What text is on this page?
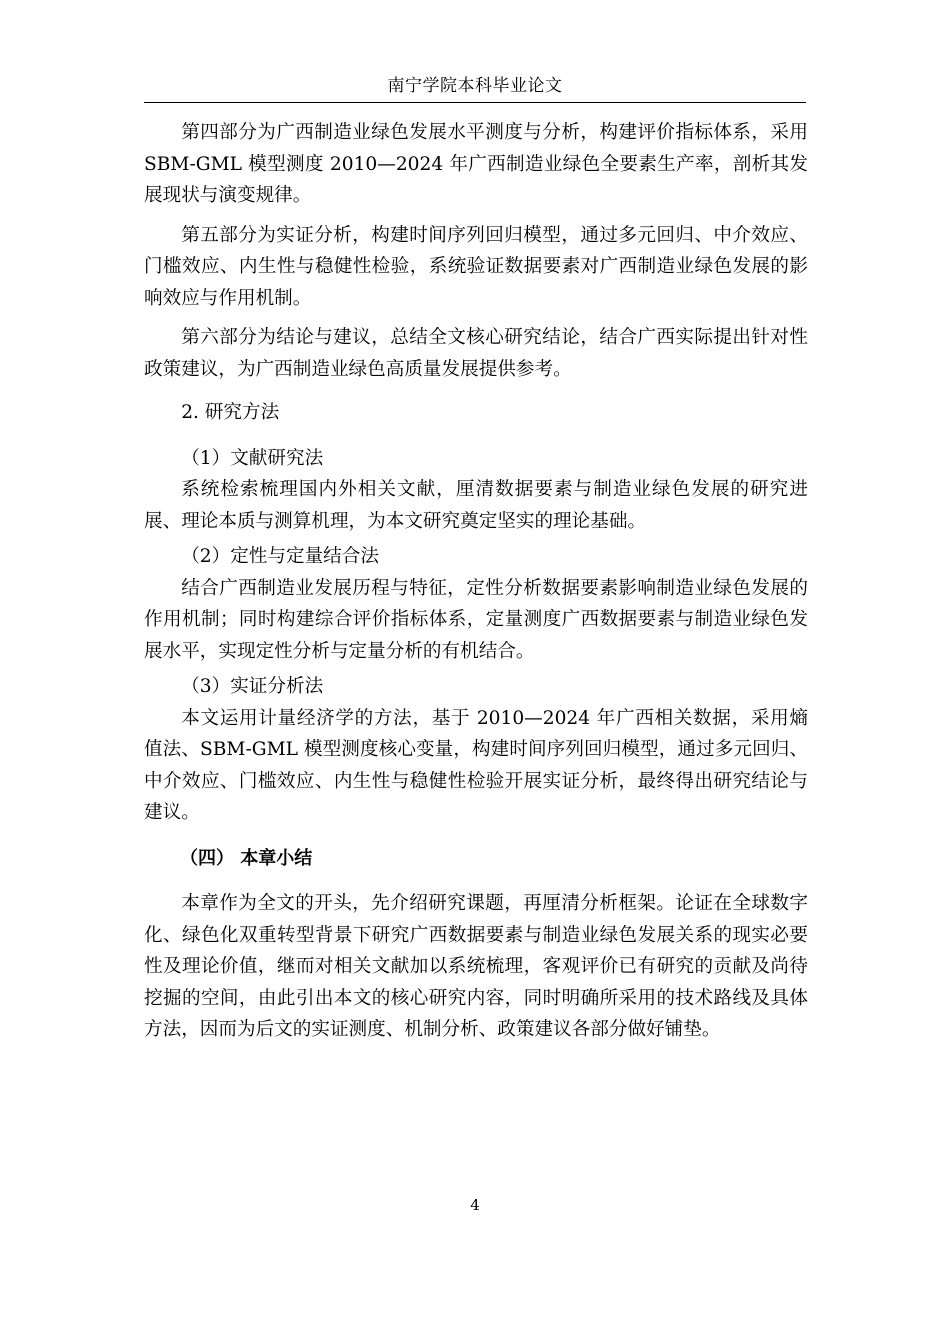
南宁学院本科毕业论文

第四部分为广西制造业绿色发展水平测度与分析，构建评价指标体系，采用 SBM-GML 模型测度 2010—2024 年广西制造业绿色全要素生产率，剖析其发展现状与演变规律。

第五部分为实证分析，构建时间序列回归模型，通过多元回归、中介效应、门槛效应、内生性与稳健性检验，系统验证数据要素对广西制造业绿色发展的影响效应与作用机制。

第六部分为结论与建议，总结全文核心研究结论，结合广西实际提出针对性政策建议，为广西制造业绿色高质量发展提供参考。

2. 研究方法

（1）文献研究法

系统检索梳理国内外相关文献，厘清数据要素与制造业绿色发展的研究进展、理论本质与测算机理，为本文研究奠定坚实的理论基础。

（2）定性与定量结合法

结合广西制造业发展历程与特征，定性分析数据要素影响制造业绿色发展的作用机制；同时构建综合评价指标体系，定量测度广西数据要素与制造业绿色发展水平，实现定性分析与定量分析的有机结合。

（3）实证分析法

本文运用计量经济学的方法，基于 2010—2024 年广西相关数据，采用熵值法、SBM-GML 模型测度核心变量，构建时间序列回归模型，通过多元回归、中介效应、门槛效应、内生性与稳健性检验开展实证分析，最终得出研究结论与建议。

（四） 本章小结

本章作为全文的开头，先介绍研究课题，再厘清分析框架。论证在全球数字化、绿色化双重转型背景下研究广西数据要素与制造业绿色发展关系的现实必要性及理论价值，继而对相关文献加以系统梳理，客观评价已有研究的贡献及尚待挖掘的空间，由此引出本文的核心研究内容，同时明确所采用的技术路线及具体方法，因而为后文的实证测度、机制分析、政策建议各部分做好铺垫。

4
